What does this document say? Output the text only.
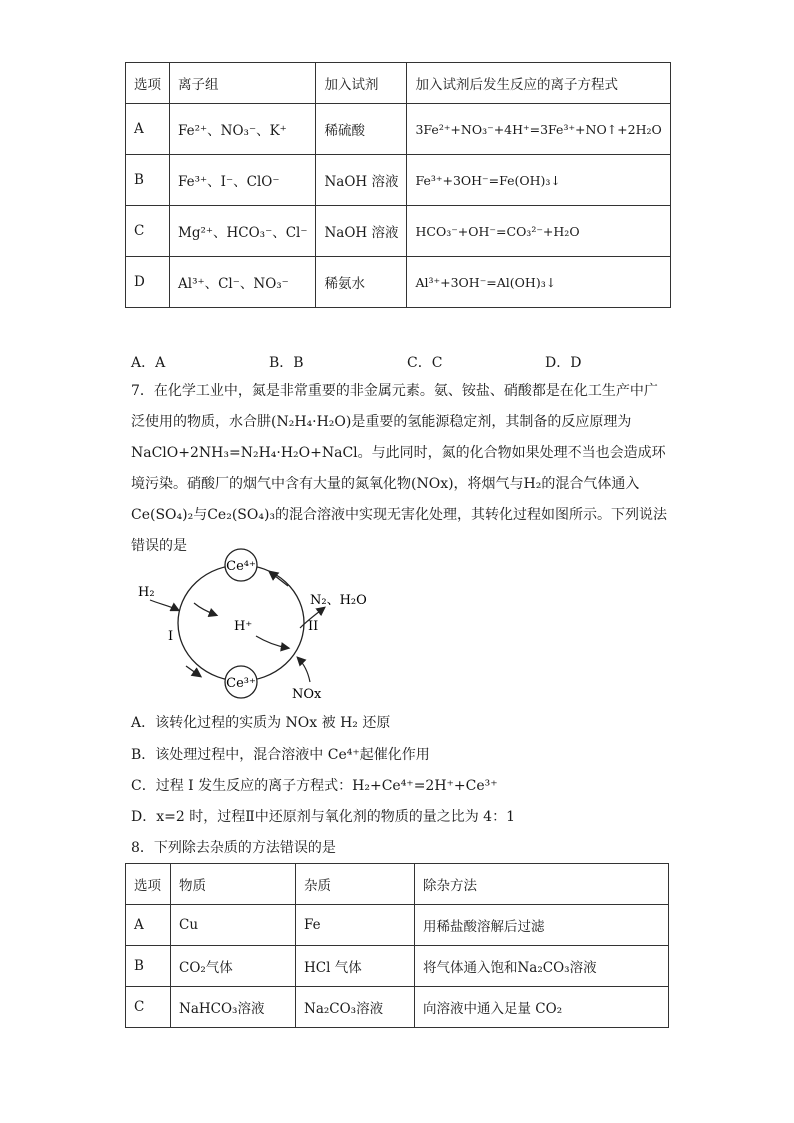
选项	离子组	加入试剂	加入试剂后发生反应的离子方程式
A	Fe²⁺、NO₃⁻、K⁺	稀硫酸	3Fe²⁺+NO₃⁻+4H⁺=3Fe³⁺+NO↑+2H₂O
B	Fe³⁺、I⁻、ClO⁻	NaOH 溶液	Fe³⁺+3OH⁻=Fe(OH)₃↓
C	Mg²⁺、HCO₃⁻、Cl⁻	NaOH 溶液	HCO₃⁻+OH⁻=CO₃²⁻+H₂O
D	Al³⁺、Cl⁻、NO₃⁻	稀氨水	Al³⁺+3OH⁻=Al(OH)₃↓
A．A	B．B	C．C	D．D
7．在化学工业中，氮是非常重要的非金属元素。氨、铵盐、硝酸都是在化工生产中广泛使用的物质，水合肼(N₂H₄·H₂O)是重要的氢能源稳定剂，其制备的反应原理为NaClO+2NH₃=N₂H₄·H₂O+NaCl。与此同时，氮的化合物如果处理不当也会造成环境污染。硝酸厂的烟气中含有大量的氮氧化物(NOx)，将烟气与H₂的混合气体通入Ce(SO₄)₂与Ce₂(SO₄)₃的混合溶液中实现无害化处理，其转化过程如图所示。下列说法错误的是
Ce⁴⁺
Ce³⁺
H₂
H⁺
I
II
N₂、H₂O
NOx
A．该转化过程的实质为 NOx 被 H₂ 还原
B．该处理过程中，混合溶液中 Ce⁴⁺起催化作用
C．过程 I 发生反应的离子方程式：H₂+Ce⁴⁺=2H⁺+Ce³⁺
D．x=2 时，过程Ⅱ中还原剂与氧化剂的物质的量之比为 4：1
8．下列除去杂质的方法错误的是
选项	物质	杂质	除杂方法
A	Cu	Fe	用稀盐酸溶解后过滤
B	CO₂气体	HCl 气体	将气体通入饱和Na₂CO₃溶液
C	NaHCO₃溶液	Na₂CO₃溶液	向溶液中通入足量 CO₂
